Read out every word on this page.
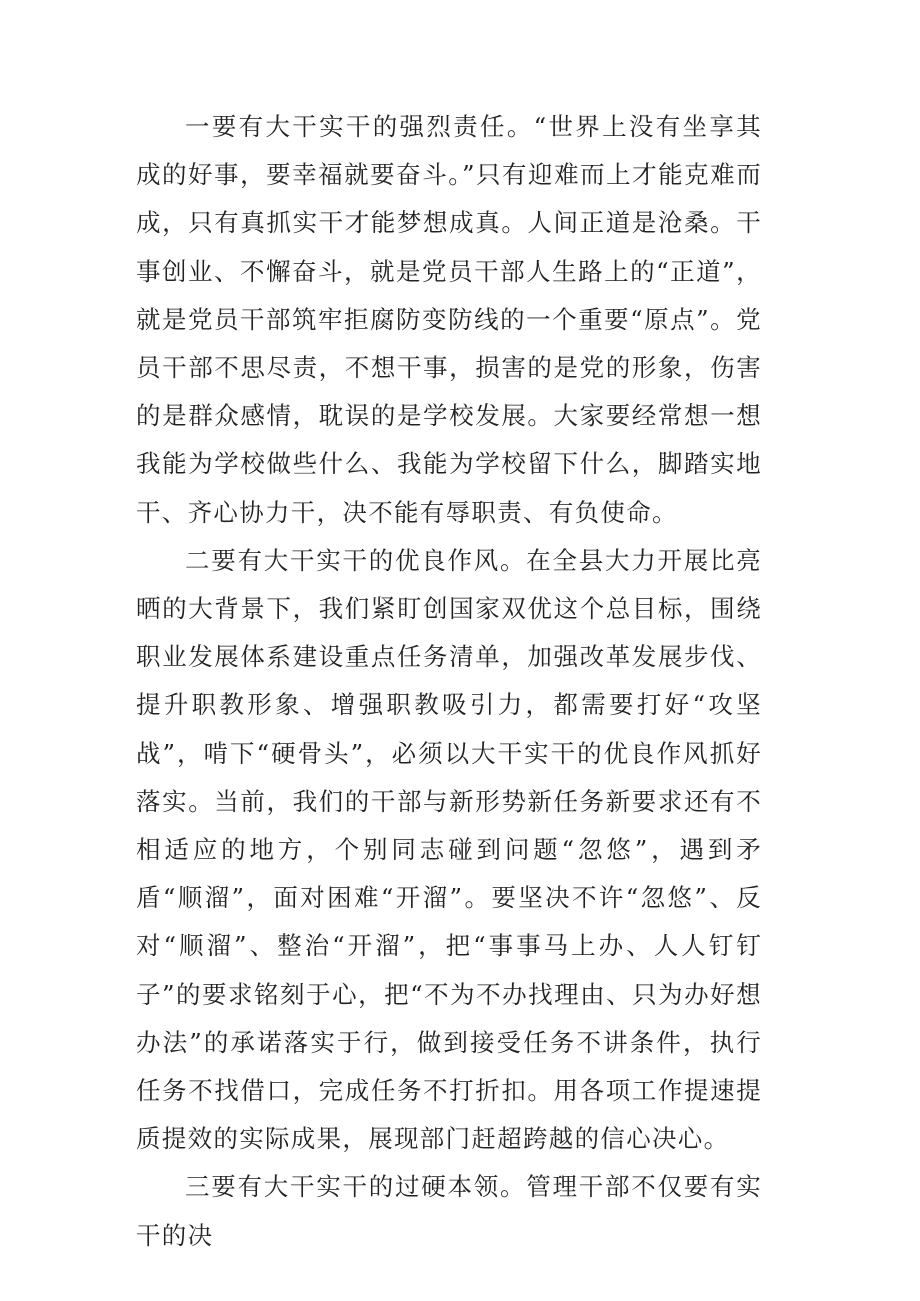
一要有大干实干的强烈责任。“世界上没有坐享其成的好事，要幸福就要奋斗。”只有迎难而上才能克难而成，只有真抓实干才能梦想成真。人间正道是沧桑。干事创业、不懈奋斗，就是党员干部人生路上的“正道”，就是党员干部筑牢拒腐防变防线的一个重要“原点”。党员干部不思尽责，不想干事，损害的是党的形象，伤害的是群众感情，耽误的是学校发展。大家要经常想一想我能为学校做些什么、我能为学校留下什么，脚踏实地干、齐心协力干，决不能有辱职责、有负使命。

二要有大干实干的优良作风。在全县大力开展比亮晒的大背景下，我们紧盯创国家双优这个总目标，围绕职业发展体系建设重点任务清单，加强改革发展步伐、提升职教形象、增强职教吸引力，都需要打好“攻坚战”，啃下“硬骨头”，必须以大干实干的优良作风抓好落实。当前，我们的干部与新形势新任务新要求还有不相适应的地方，个别同志碰到问题“忽悠”，遇到矛盾“顺溜”，面对困难“开溜”。要坚决不许“忽悠”、反对“顺溜”、整治“开溜”，把“事事马上办、人人钉钉子”的要求铭刻于心，把“不为不办找理由、只为办好想办法”的承诺落实于行，做到接受任务不讲条件，执行任务不找借口，完成任务不打折扣。用各项工作提速提质提效的实际成果，展现部门赶超跨越的信心决心。

三要有大干实干的过硬本领。管理干部不仅要有实干的决
